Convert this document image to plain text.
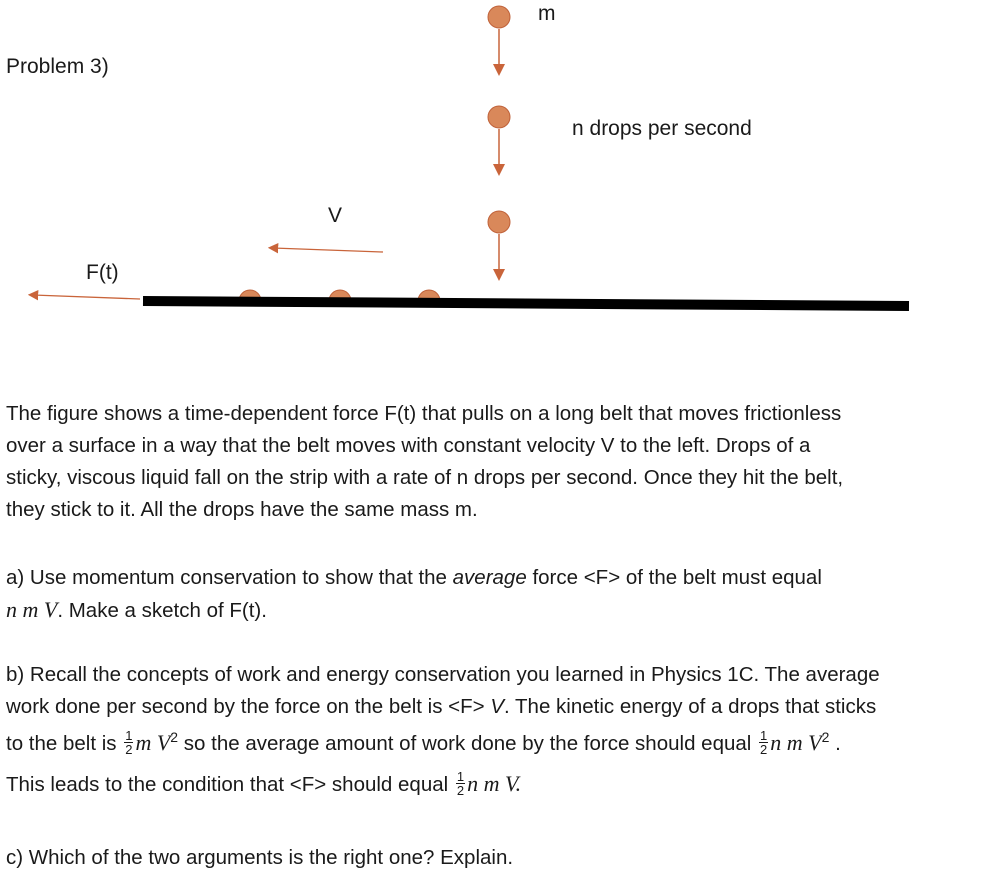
Problem 3)
m
n drops per second
V
F(t)
The figure shows a time-dependent force F(t) that pulls on a long belt that moves frictionless
over a surface in a way that the belt moves with constant velocity V to the left. Drops of a
sticky, viscous liquid fall on the strip with a rate of n drops per second. Once they hit the belt,
they stick to it. All the drops have the same mass m.
a) Use momentum conservation to show that the average force <F> of the belt must equal
n m V. Make a sketch of F(t).
b) Recall the concepts of work and energy conservation you learned in Physics 1C. The average
work done per second by the force on the belt is <F> V. The kinetic energy of a drops that sticks
to the belt is $\frac{1}{2}$ m $V^2$ so the average amount of work done by the force should equal $\frac{1}{2}$ n m $V^2$ .
This leads to the condition that <F> should equal $\frac{1}{2}$ n m V.
c) Which of the two arguments is the right one? Explain.
